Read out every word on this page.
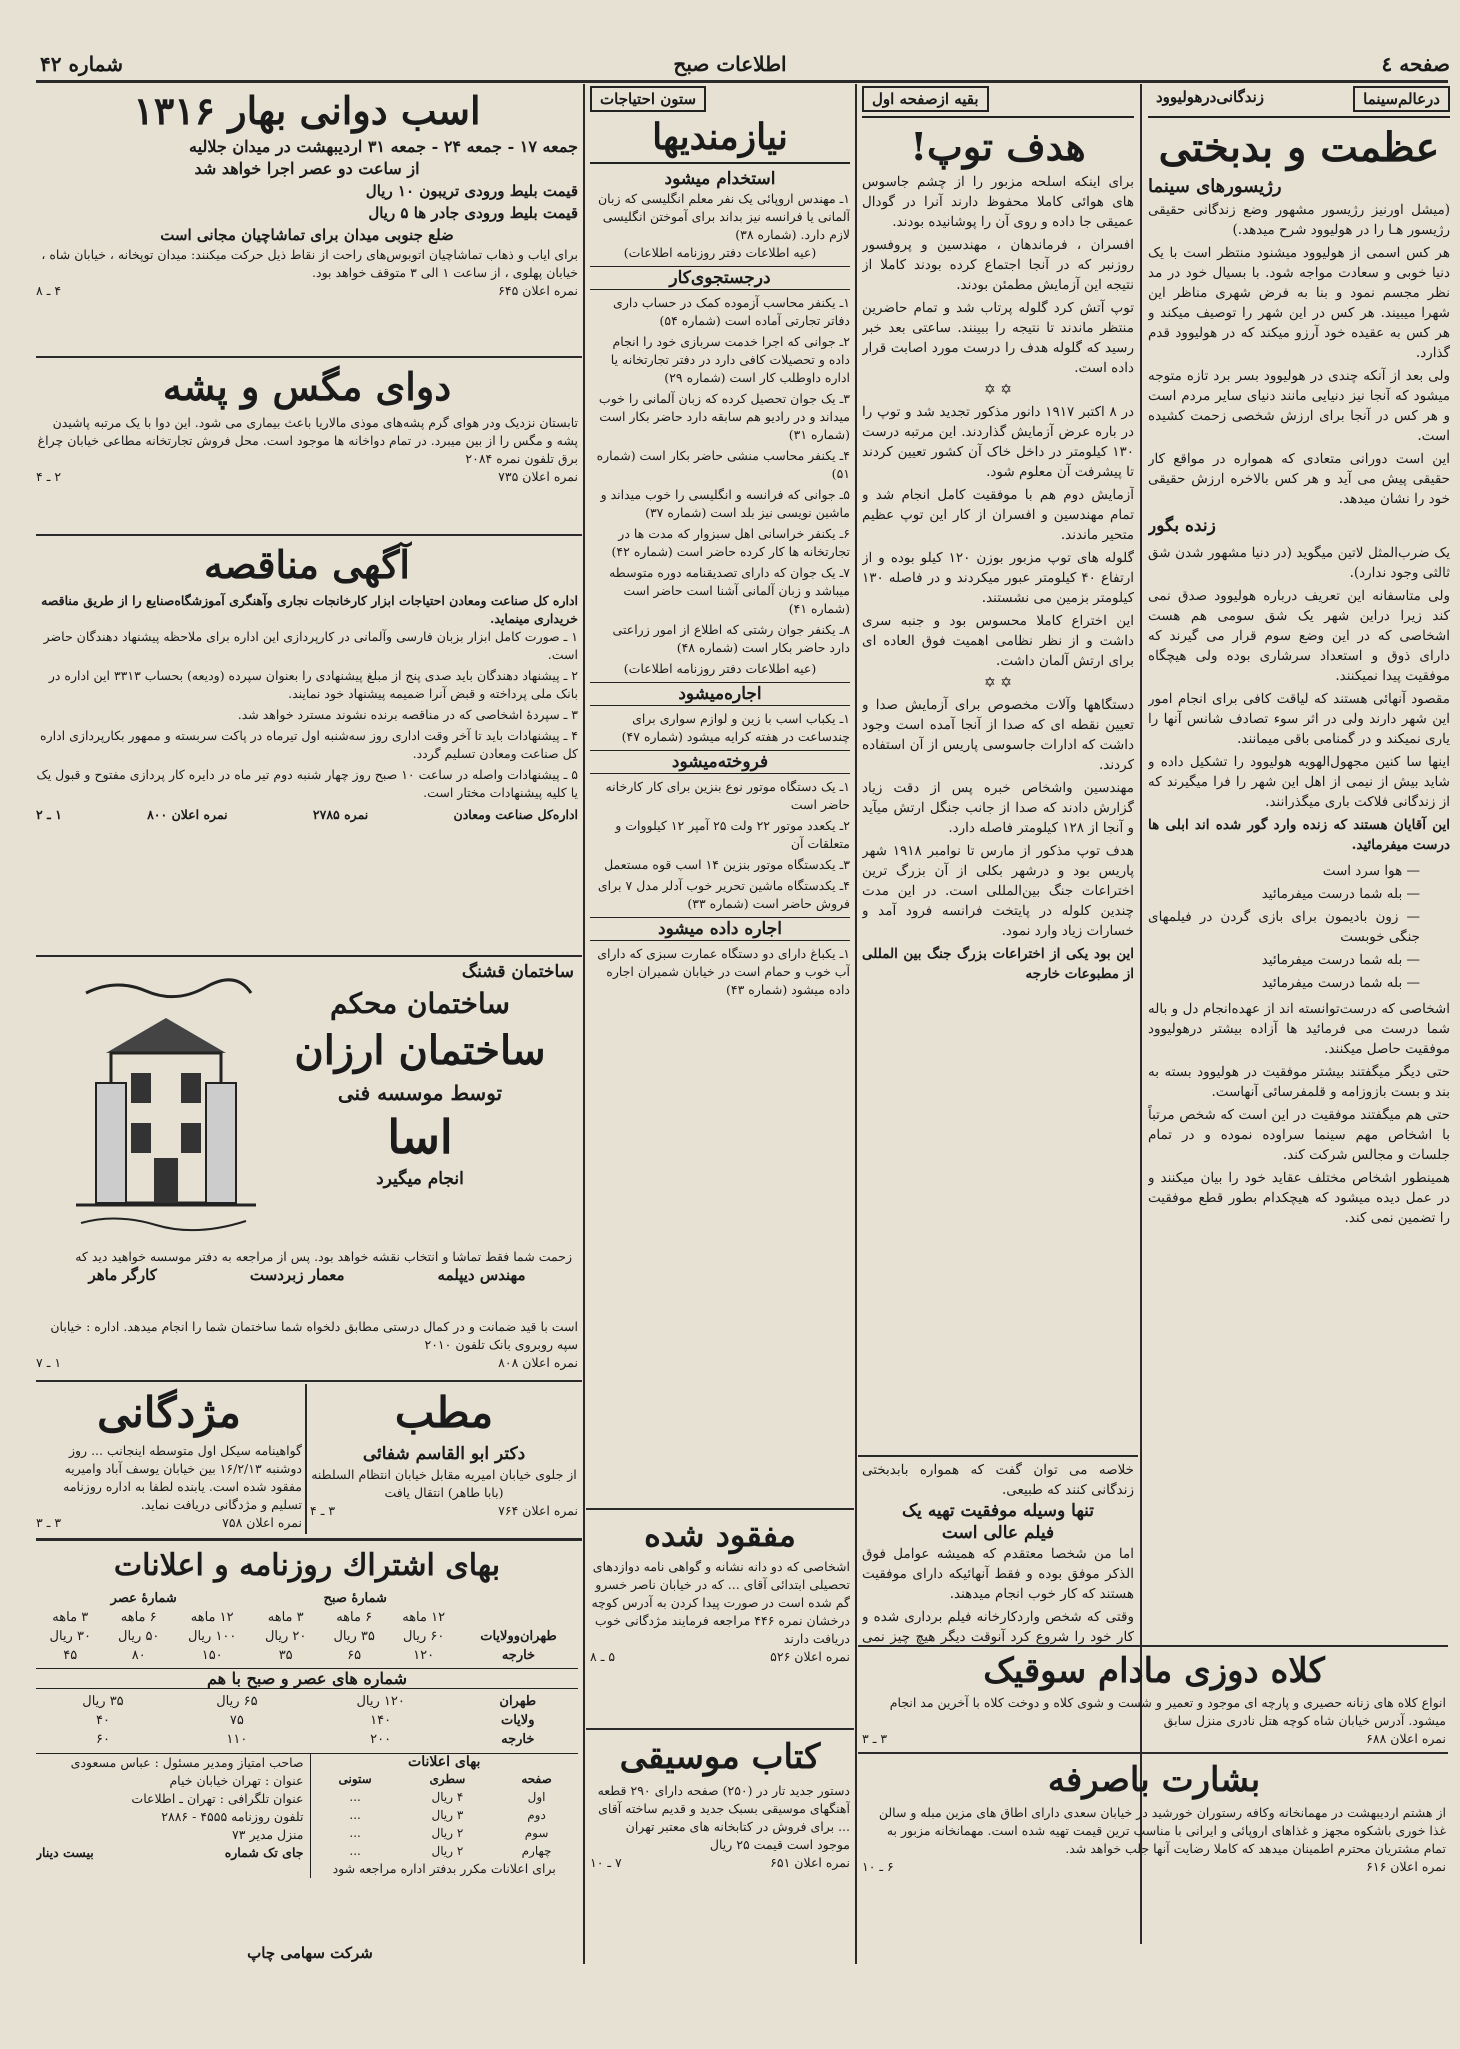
صفحه ٤
اطلاعات صبح
شماره ۴۲
درعالم‌سینما
زندگانی‌درهولیوود
عظمت و بدبختی
رژیسورهای سینما

(میشل اورنیز رژیسور مشهور وضع زندگانی حقیقی رژیسور هـا را در هولیوود شرح میدهد.)

هر کس اسمی از هولیوود میشنود منتظر است با یک دنیا خوبی و سعادت مواجه شود. با بسیال خود در مد نظر مجسم نمود و بنا به فرض شهری مناظر این شهرا میبیند. هر کس در این شهر را توصیف میکند و هر کس به عقیده خود آرزو میکند که در هولیوود قدم گذارد.

ولی بعد از آنکه چندی در هولیوود بسر برد تازه متوجه میشود که آنجا نیز دنیایی مانند دنیای سایر مردم است و هر کس در آنجا برای ارزش شخصی زحمت کشیده است.

این است دورانی متعادی که همواره در مواقع کار حقیقی پیش می آید و هر کس بالاخره ارزش حقیقی خود را نشان میدهد.

زنده بگور

یک ضرب‌المثل لاتین میگوید (در دنیا مشهور شدن شق ثالثی وجود ندارد).

ولی متاسفانه این تعریف درباره هولیوود صدق نمی کند زیرا دراین شهر یک شق سومی هم هست اشخاصی که در این وضع سوم قرار می گیرند که دارای ذوق و استعداد سرشاری بوده ولی هیچگاه موفقیت پیدا نمیکنند.

مقصود آنهائی هستند که لیاقت کافی برای انجام امور این شهر دارند ولی در اثر سوء تصادف شانس آنها را یاری نمیکند و در گمنامی باقی میمانند.

اینها سا کنین مجهول‌الهویه هولیوود را تشکیل داده و شاید بیش از نیمی از اهل این شهر را فرا میگیرند که از زندگانی فلاکت باری میگذرانند.

این آقایان هستند که زنده وارد گور شده اند ابلی ها درست میفرمائید.

— هوا سرد است

— بله شما درست میفرمائید

— زون بادیمون برای بازی گردن در فیلمهای جنگی خوبست

— بله شما درست میفرمائید

— بله شما درست میفرمائید

اشخاصی که درست‌توانسته اند از عهده‌انجام دل و باله شما درست می فرمائید ها آزاده بیشتر درهولیوود موفقیت حاصل میکنند.

حتی دیگر میگفتند بیشتر موفقیت در هولیوود بسته به بند و بست بازوزامه و قلمفرسائی آنهاست.

حتی هم میگفتند موفقیت در این است که شخص مرتباً با اشخاص مهم سینما سراوده نموده و در تمام جلسات و مجالس شرکت کند.

همینطور اشخاص مختلف عقاید خود را بیان میکنند و در عمل دیده میشود که هیچکدام بطور قطع موفقیت را تضمین نمی کند.

بقیه ازصفحه اول
هدف توپ!

برای اینکه اسلحه مزبور را از چشم جاسوس های هوائی کاملا محفوظ دارند آنرا در گودال عمیقی جا داده و روی آن را پوشانیده بودند.

افسران ، فرماندهان ، مهندسین و پروفسور روزنبر که در آنجا اجتماع کرده بودند کاملا از نتیجه این آزمایش مطمئن بودند.

توپ آتش کرد گلوله پرتاب شد و تمام حاضرین منتظر ماندند تا نتیجه را ببینند. ساعتی بعد خبر رسید که گلوله هدف را درست مورد اصابت قرار داده است.

✡ ✡

در ۸ اکتبر ۱۹۱۷ دانور مذکور تجدید شد و توپ را در باره عرض آزمایش گذاردند. این مرتبه درست ۱۳۰ کیلومتر در داخل خاک آن کشور تعیین کردند تا پیشرفت آن معلوم شود.

آزمایش دوم هم با موفقیت کامل انجام شد و تمام مهندسین و افسران از کار این توپ عظیم متحیر ماندند.

گلوله های توپ مزبور بوزن ۱۲۰ کیلو بوده و از ارتفاع ۴۰ کیلومتر عبور میکردند و در فاصله ۱۳۰ کیلومتر بزمین می نشستند.

این اختراع کاملا محسوس بود و جنبه سری داشت و از نظر نظامی اهمیت فوق العاده ای برای ارتش آلمان داشت.

✡ ✡

دستگاهها وآلات مخصوص برای آزمایش صدا و تعیین نقطه ای که صدا از آنجا آمده است وجود داشت که ادارات جاسوسی پاریس از آن استفاده کردند.

مهندسین واشخاص خبره پس از دقت زیاد گزارش دادند که صدا از جانب جنگل ارتش میآید و آنجا از ۱۲۸ کیلومتر فاصله دارد.

هدف توپ مذکور از مارس تا نوامبر ۱۹۱۸ شهر پاریس بود و درشهر بکلی از آن بزرگ ترین اختراعات جنگ بین‌المللی است. در این مدت چندین کلوله در پایتخت فرانسه فرود آمد و خسارات زیاد وارد نمود.

این بود یکی از اختراعات بزرگ جنگ بین المللی از مطبوعات خارجه

خلاصه می توان گفت که همواره بابدبختی زندگانی کنند که طبیعی.
تنها وسیله موفقیت تهیه یک
فیلم عالی است

اما من شخصا معتقدم که همیشه عوامل فوق الذکر موفق بوده و فقط آنهائیکه دارای موفقیت هستند که کار خوب انجام میدهند.

وقتی که شخص واردکارخانه فیلم برداری شده و کار خود را شروع کرد آنوقت دیگر هیچ چیز نمی

کلاه دوزی مادام سوقیک
انواع کلاه های زنانه حصیری و پارچه ای موجود و تعمیر و شست و شوی کلاه و دوخت کلاه با آخرین مد انجام میشود. آدرس خیابان شاه کوچه هتل نادری منزل سابق
نمره اعلان ۶۸۸
۳ ـ ۳
بشارت باصرفه
از هشتم اردیبهشت در مهمانخانه وکافه رستوران خورشید در خیابان سعدی دارای اطاق های مزین مبله و سالن غذا خوری باشکوه مجهز و غذاهای اروپائی و ایرانی با مناسب ترین قیمت تهیه شده است. مهمانخانه مزبور به تمام مشتریان محترم اطمینان میدهد که کاملا رضایت آنها جلب خواهد شد.
نمره اعلان ۶۱۶
۶ ـ ۱۰
ستون احتیاجات
نیازمندیها
استخدام میشود
۱ـ مهندس اروپائی یک نفر معلم انگلیسی که زبان آلمانی یا فرانسه نیز بداند برای آموختن انگلیسی لازم دارد. (شماره ۳۸)
(عیه اطلاعات دفتر روزنامه اطلاعات)
درجستجوی‌کار

۱ـ یکنفر محاسب آزموده کمک در حساب داری دفاتر تجارتی آماده است (شماره ۵۴)

۲ـ جوانی که اجرا خدمت سربازی خود را انجام داده و تحصیلات کافی دارد در دفتر تجارتخانه یا اداره داوطلب کار است (شماره ۲۹)

۳ـ یک جوان تحصیل کرده که زبان آلمانی را خوب میداند و در رادیو هم سابقه دارد حاضر بکار است (شماره ۳۱)

۴ـ یکنفر محاسب منشی حاضر بکار است (شماره ۵۱)

۵ـ جوانی که فرانسه و انگلیسی را خوب میداند و ماشین نویسی نیز بلد است (شماره ۳۷)

۶ـ یکنفر خراسانی اهل سبزوار که مدت ها در تجارتخانه ها کار کرده حاضر است (شماره ۴۲)

۷ـ یک جوان که دارای تصدیقنامه دوره متوسطه میباشد و زبان آلمانی آشنا است حاضر است (شماره ۴۱)

۸ـ یکنفر جوان رشتی که اطلاع از امور زراعتی دارد حاضر بکار است (شماره ۴۸)

(عیه اطلاعات دفتر روزنامه اطلاعات)
اجاره‌میشود
۱ـ یکباب اسب با زین و لوازم سواری برای چندساعت در هفته کرایه میشود (شماره ۴۷)
فروخته‌میشود

۱ـ یک دستگاه موتور نوع بنزین برای کار کارخانه حاضر است

۲ـ یکعدد موتور ۲۲ ولت ۲۵ آمپر ۱۲ کیلووات و متعلقات آن

۳ـ یکدستگاه موتور بنزین ۱۴ اسب قوه مستعمل

۴ـ یکدستگاه ماشین تحریر خوب آدلر مدل ۷ برای فروش حاضر است (شماره ۳۳)

اجاره داده میشود
۱ـ یکباغ دارای دو دستگاه عمارت سبزی که دارای آب خوب و حمام است در خیابان شمیران اجاره داده میشود (شماره ۴۳)
مفقود شده
اشخاصی که دو دانه نشانه و گواهی نامه دوازدهای تحصیلی ابتدائی آقای ... که در خیابان ناصر خسرو گم شده است در صورت پیدا کردن به آدرس کوچه درخشان نمره ۴۴۶ مراجعه فرمایند مژدگانی خوب دریافت دارند
نمره اعلان ۵۲۶
۵ ـ ۸
کتاب موسیقی
دستور جدید تار در (۲۵۰) صفحه دارای ۲۹۰ قطعه آهنگهای موسیقی بسبک جدید و قدیم ساخته آقای ... برای فروش در کتابخانه های معتبر تهران موجود است قیمت ۲۵ ریال
نمره اعلان ۶۵۱
۷ ـ ۱۰
اسب دوانی بهار ۱۳۱۶
جمعه ۱۷ - جمعه ۲۴ - جمعه ۳۱ اردیبهشت در میدان جلالیه
از ساعت دو عصر اجرا خواهد شد
قیمت بلیط ورودی تریبون ۱۰ ریال
قیمت بلیط ورودی جادر ها ۵ ریال
ضلع جنوبی میدان برای تماشاچیان مجانی است
برای ایاب و ذهاب تماشاچیان اتوبوس‌های راحت از نقاط ذیل حرکت میکنند: میدان توپخانه ، خیابان شاه ، خیابان پهلوی ، از ساعت ۱ الی ۳ متوقف خواهد بود.
نمره اعلان ۶۴۵
۴ ـ ۸
دوای مگس و پشه
تابستان نزدیک ودر هوای گرم پشه‌های موذی مالاریا باعث بیماری می شود. این دوا با یک مرتبه پاشیدن پشه و مگس را از بین میبرد. در تمام دواخانه ها موجود است. محل فروش تجارتخانه مطاعی خیابان چراغ برق تلفون نمره ۲۰۸۴
نمره اعلان ۷۳۵
۲ ـ ۴
آگهی مناقصه
اداره کل صناعت ومعادن احتیاجات ابزار کارخانجات نجاری وآهنگری آموزشگاه‌صنایع را از طریق مناقصه خریداری مینماید.

۱ ـ صورت کامل ابزار بزبان فارسی وآلمانی در کارپردازی این اداره برای ملاحظه پیشنهاد دهندگان حاضر است.

۲ ـ پیشنهاد دهندگان باید صدی پنج از مبلغ پیشنهادی را بعنوان سپرده (ودیعه) بحساب ۳۳۱۳ این اداره در بانک ملی پرداخته و قبض آنرا ضمیمه پیشنهاد خود نمایند.

۳ ـ سپردهٔ اشخاصی که در مناقصه برنده نشوند مسترد خواهد شد.

۴ ـ پیشنهادات باید تا آخر وقت اداری روز سه‌شنبه اول تیرماه در پاکت سربسته و ممهور بکارپردازی اداره کل صناعت ومعادن تسلیم گردد.

۵ ـ پیشنهادات واصله در ساعت ۱۰ صبح روز چهار شنبه دوم تیر ماه در دایره کار پردازی مفتوح و قبول یک یا کلیه پیشنهادات مختار است.

اداره‌کل صناعت ومعادن
نمره ۲۷۸۵
نمره اعلان ۸۰۰
۱ ـ ۲
ساختمان قشنگ
ساختمان محکم
ساختمان ارزان
توسط موسسه فنی
اسا
انجام میگیرد
زحمت شما فقط تماشا و انتخاب نقشه خواهد بود. پس از مراجعه به دفتر موسسه خواهید دید که
مهندس دیپلمه
معمار زبردست
کارگر ماهر
است با قید ضمانت و در کمال درستی مطابق دلخواه شما ساختمان شما را انجام میدهد. اداره : خیابان سپه روبروی بانک تلفون ۲۰۱۰
نمره اعلان ۸۰۸
۱ ـ ۷
مطب
دکتر ابو القاسم شفائی
از جلوی خیابان امیریه مقابل خیابان انتظام السلطنه (بابا طاهر) انتقال یافت
نمره اعلان ۷۶۴
۳ ـ ۴
مژدگانی
گواهینامه سیکل اول متوسطه اینجانب ... روز دوشنبه ۱۶/۲/۱۳ بین خیابان یوسف آباد وامیریه مفقود شده است. یابنده لطفا به اداره روزنامه تسلیم و مژدگانی دریافت نماید.
نمره اعلان ۷۵۸
۳ ـ ۳
بهای اشتراك روزنامه و اعلانات
	شمارهٔ صبح			شمارهٔ عصر		
	۱۲ ماهه	۶ ماهه	۳ ماهه	۱۲ ماهه	۶ ماهه	۳ ماهه
طهران‌وولایات	۶۰ ریال	۳۵ ریال	۲۰ ریال	۱۰۰ ریال	۵۰ ریال	۳۰ ریال
خارجه	۱۲۰	۶۵	۳۵	۱۵۰	۸۰	۴۵
شماره های عصر و صبح با هم
طهران	۱۲۰ ریال	۶۵ ریال	۳۵ ریال
ولایات	۱۴۰	۷۵	۴۰
خارجه	۲۰۰	۱۱۰	۶۰
بهای اعلانات
صفحه	سطری	ستونی
اول	۴ ریال	...
دوم	۳ ریال	...
سوم	۲ ریال	...
چهارم	۲ ریال	...
برای اعلانات مکرر بدفتر اداره مراجعه شود
صاحب امتیاز ومدیر مسئول : عباس مسعودی
عنوان : تهران خیابان خیام
عنوان تلگرافی : تهران ـ اطلاعات
تلفون روزنامه ۴۵۵۵ - ۲۸۸۶
منزل مدیر ۷۳
جای تک شماره
بیست دینار
شرکت سهامی چاپ
